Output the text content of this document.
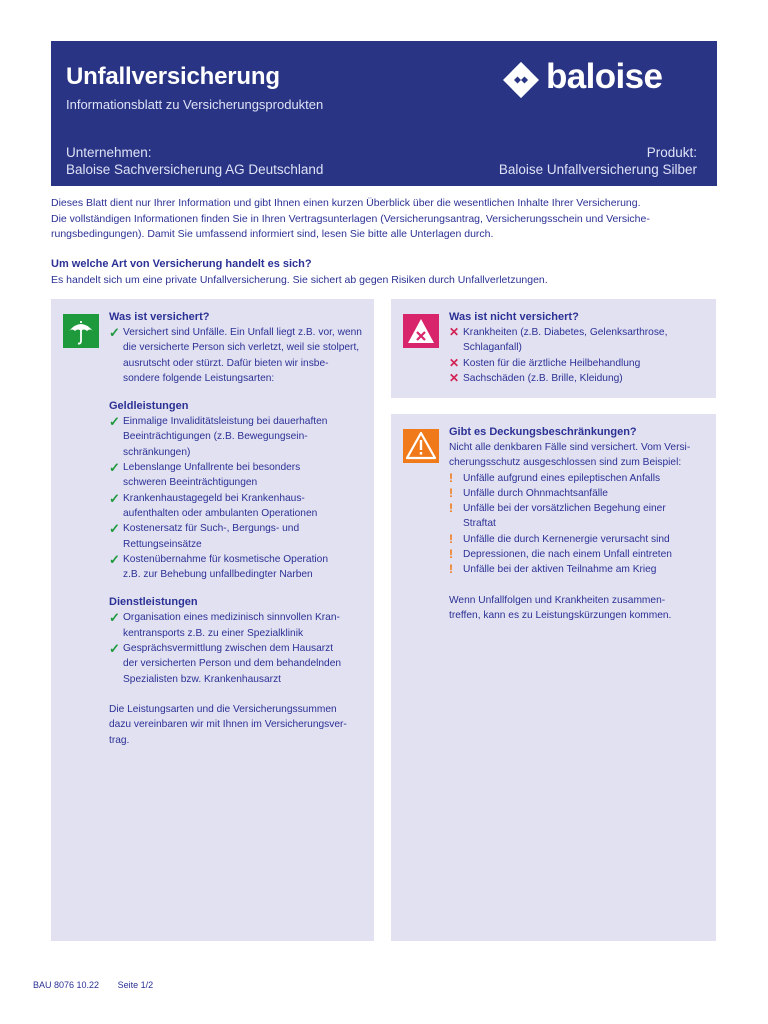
Unfallversicherung
Informationsblatt zu Versicherungsprodukten
baloise
Unternehmen:
Baloise Sachversicherung AG Deutschland
Produkt:
Baloise Unfallversicherung Silber

Dieses Blatt dient nur Ihrer Information und gibt Ihnen einen kurzen Überblick über die wesentlichen Inhalte Ihrer Versicherung.

Die vollständigen Informationen finden Sie in Ihren Vertragsunterlagen (Versicherungsantrag, Versicherungsschein und Versiche-

rungsbedingungen). Damit Sie umfassend informiert sind, lesen Sie bitte alle Unterlagen durch.

Um welche Art von Versicherung handelt es sich?
Es handelt sich um eine private Unfallversicherung. Sie sichert ab gegen Risiken durch Unfallverletzungen.
Was ist versichert?
✓ Versichert sind Unfälle. Ein Unfall liegt z.B. vor, wenn
die versicherte Person sich verletzt, weil sie stolpert,
ausrutscht oder stürzt. Dafür bieten wir insbe-
sondere folgende Leistungsarten:
Geldleistungen
✓ Einmalige Invaliditätsleistung bei dauerhaften
Beeinträchtigungen (z.B. Bewegungsein-
schränkungen)
✓ Lebenslange Unfallrente bei besonders
schweren Beeinträchtigungen
✓ Krankenhaustagegeld bei Krankenhaus-
aufenthalten oder ambulanten Operationen
✓ Kostenersatz für Such-, Bergungs- und
Rettungseinsätze
✓ Kostenübernahme für kosmetische Operation
z.B. zur Behebung unfallbedingter Narben
Dienstleistungen
✓ Organisation eines medizinisch sinnvollen Kran-
kentransports z.B. zu einer Spezialklinik
✓ Gesprächsvermittlung zwischen dem Hausarzt
der versicherten Person und dem behandelnden
Spezialisten bzw. Krankenhausarzt
Die Leistungsarten und die Versicherungssummen
dazu vereinbaren wir mit Ihnen im Versicherungsver-
trag.
Was ist nicht versichert?
✕ Krankheiten (z.B. Diabetes, Gelenksarthrose,
Schlaganfall)
✕ Kosten für die ärztliche Heilbehandlung
✕ Sachschäden (z.B. Brille, Kleidung)
Gibt es Deckungsbeschränkungen?
Nicht alle denkbaren Fälle sind versichert. Vom Versi-
cherungsschutz ausgeschlossen sind zum Beispiel:
! Unfälle aufgrund eines epileptischen Anfalls
! Unfälle durch Ohnmachtsanfälle
! Unfälle bei der vorsätzlichen Begehung einer
Straftat
! Unfälle die durch Kernenergie verursacht sind
! Depressionen, die nach einem Unfall eintreten
! Unfälle bei der aktiven Teilnahme am Krieg
Wenn Unfallfolgen und Krankheiten zusammen-
treffen, kann es zu Leistungskürzungen kommen.
BAU 8076 10.22 Seite 1/2
